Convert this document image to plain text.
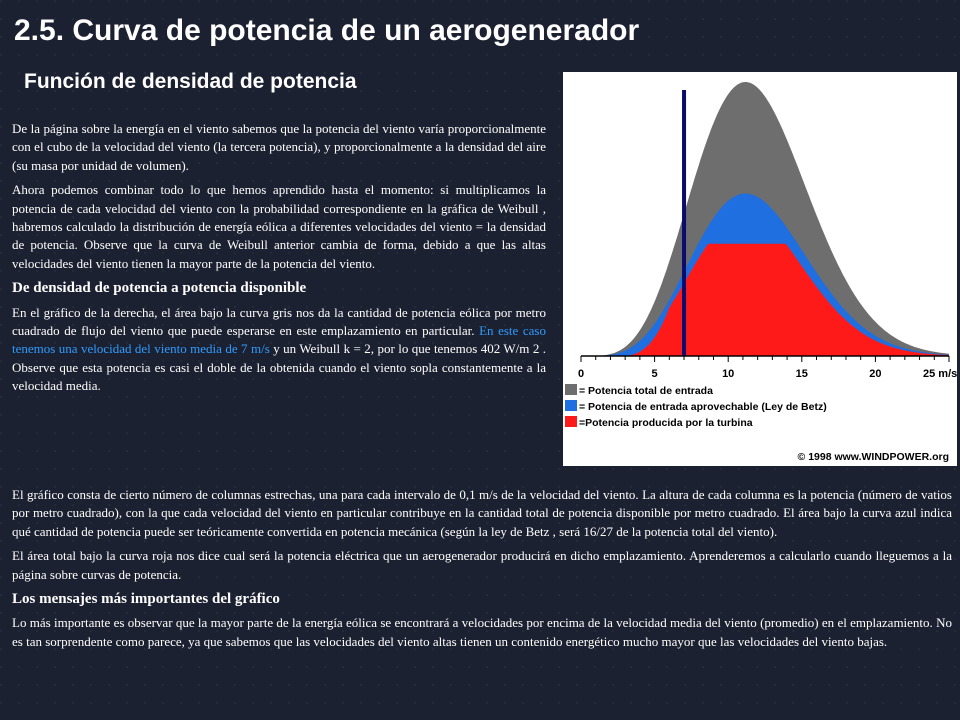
2.5. Curva de potencia de un aerogenerador
Función de densidad de potencia

De la página sobre la energía en el viento sabemos que la potencia del viento varía proporcionalmente con el cubo de la velocidad del viento (la tercera potencia), y proporcionalmente a la densidad del aire (su masa por unidad de volumen).

Ahora podemos combinar todo lo que hemos aprendido hasta el momento: si multiplicamos la potencia de cada velocidad del viento con la probabilidad correspondiente en la gráfica de Weibull , habremos calculado la distribución de energía eólica a diferentes velocidades del viento = la densidad de potencia. Observe que la curva de Weibull anterior cambia de forma, debido a que las altas velocidades del viento tienen la mayor parte de la potencia del viento.

De densidad de potencia a potencia disponible

En el gráfico de la derecha, el área bajo la curva gris nos da la cantidad de potencia eólica por metro cuadrado de flujo del viento que puede esperarse en este emplazamiento en particular. En este caso tenemos una velocidad del viento media de 7 m/s y un Weibull k = 2, por lo que tenemos 402 W/m 2 . Observe que esta potencia es casi el doble de la obtenida cuando el viento sopla constantemente a la velocidad media.

0	5	10	15	20	25 m/s
= Potencia total de entrada
= Potencia de entrada aprovechable (Ley de Betz)
=Potencia producida por la turbina
© 1998 www.WINDPOWER.org

El gráfico consta de cierto número de columnas estrechas, una para cada intervalo de 0,1 m/s de la velocidad del viento. La altura de cada columna es la potencia (número de vatios por metro cuadrado), con la que cada velocidad del viento en particular contribuye en la cantidad total de potencia disponible por metro cuadrado. El área bajo la curva azul indica qué cantidad de potencia puede ser teóricamente convertida en potencia mecánica (según la ley de Betz , será 16/27 de la potencia total del viento).

El área total bajo la curva roja nos dice cual será la potencia eléctrica que un aerogenerador producirá en dicho emplazamiento. Aprenderemos a calcularlo cuando lleguemos a la página sobre curvas de potencia.

Los mensajes más importantes del gráfico

Lo más importante es observar que la mayor parte de la energía eólica se encontrará a velocidades por encima de la velocidad media del viento (promedio) en el emplazamiento. No es tan sorprendente como parece, ya que sabemos que las velocidades del viento altas tienen un contenido energético mucho mayor que las velocidades del viento bajas.
